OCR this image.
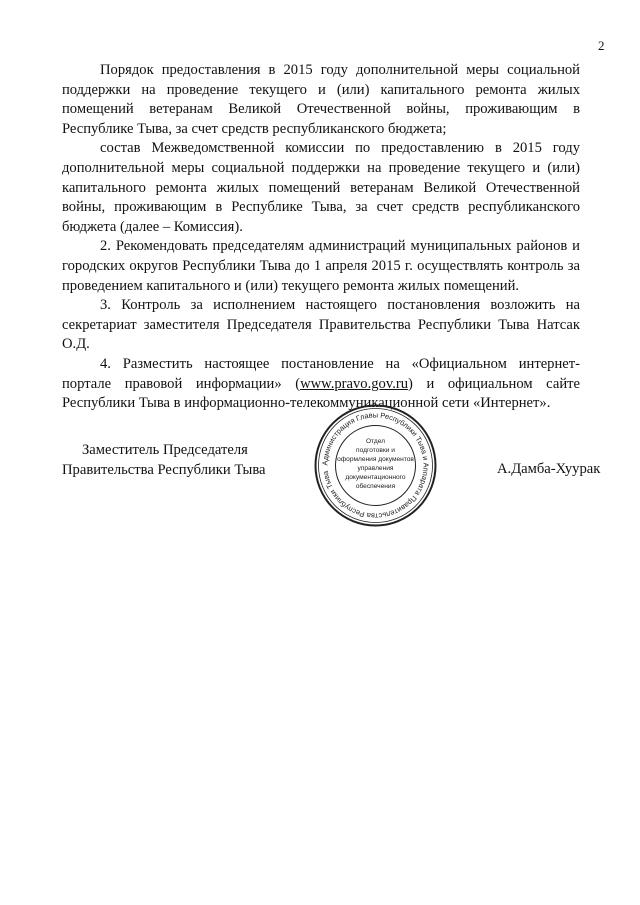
2

Порядок предоставления в 2015 году дополнительной меры социальной поддержки на проведение текущего и (или) капитального ремонта жилых помещений ветеранам Великой Отечественной войны, проживающим в Республике Тыва, за счет средств республиканского бюджета;

состав Межведомственной комиссии по предоставлению в 2015 году дополнительной меры социальной поддержки на проведение текущего и (или) капитального ремонта жилых помещений ветеранам Великой Отечественной войны, проживающим в Республике Тыва, за счет средств республиканского бюджета (далее – Комиссия).

2. Рекомендовать председателям администраций муниципальных районов и городских округов Республики Тыва до 1 апреля 2015 г. осуществлять контроль за проведением капитального и (или) текущего ремонта жилых помещений.

3. Контроль за исполнением настоящего постановления возложить на секретариат заместителя Председателя Правительства Республики Тыва Натсак О.Д.

4. Разместить настоящее постановление на «Официальном интернет-портале правовой информации» (www.pravo.gov.ru) и официальном сайте Республики Тыва в информационно-телекоммуникационной сети «Интернет».

Заместитель Председателя
Правительства Республики Тыва	Администрация Главы Республики Тыва и Аппарата Правительства Республики Тыва
Отдел
подготовки и
оформления документов
управления
документационного
обеспечения
А.Дамба-Хуурак
